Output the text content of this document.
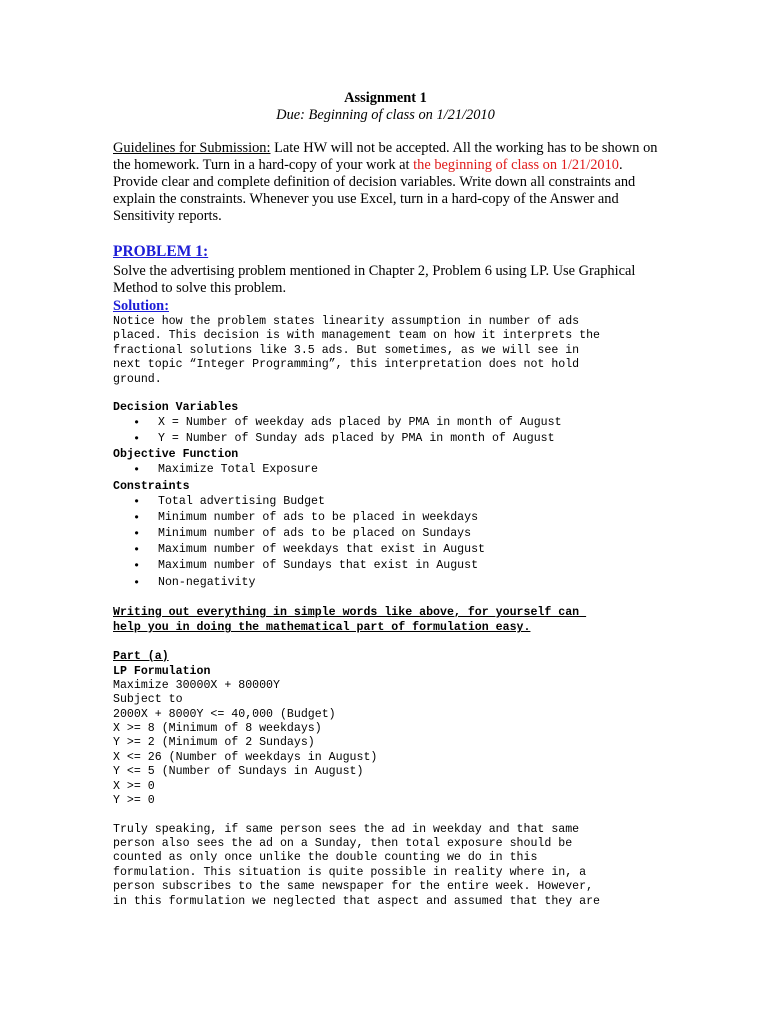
Assignment 1
Due: Beginning of class on 1/21/2010
Guidelines for Submission: Late HW will not be accepted. All the working has to be shown on the homework. Turn in a hard-copy of your work at the beginning of class on 1/21/2010. Provide clear and complete definition of decision variables. Write down all constraints and explain the constraints. Whenever you use Excel, turn in a hard-copy of the Answer and Sensitivity reports.
PROBLEM 1:
Solve the advertising problem mentioned in Chapter 2, Problem 6 using LP. Use Graphical Method to solve this problem.
Solution:
Notice how the problem states linearity assumption in number of ads
placed. This decision is with management team on how it interprets the
fractional solutions like 3.5 ads. But sometimes, as we will see in
next topic “Integer Programming”, this interpretation does not hold
ground.
Decision Variables
• X = Number of weekday ads placed by PMA in month of August
• Y = Number of Sunday ads placed by PMA in month of August
Objective Function
• Maximize Total Exposure
Constraints
• Total advertising Budget
• Minimum number of ads to be placed in weekdays
• Minimum number of ads to be placed on Sundays
• Maximum number of weekdays that exist in August
• Maximum number of Sundays that exist in August
• Non-negativity
Writing out everything in simple words like above, for yourself can
help you in doing the mathematical part of formulation easy.
Part (a)
LP Formulation
Maximize 30000X + 80000Y
Subject to
2000X + 8000Y <= 40,000 (Budget)
X >= 8 (Minimum of 8 weekdays)
Y >= 2 (Minimum of 2 Sundays)
X <= 26 (Number of weekdays in August)
Y <= 5 (Number of Sundays in August)
X >= 0
Y >= 0
Truly speaking, if same person sees the ad in weekday and that same
person also sees the ad on a Sunday, then total exposure should be
counted as only once unlike the double counting we do in this
formulation. This situation is quite possible in reality where in, a
person subscribes to the same newspaper for the entire week. However,
in this formulation we neglected that aspect and assumed that they are
